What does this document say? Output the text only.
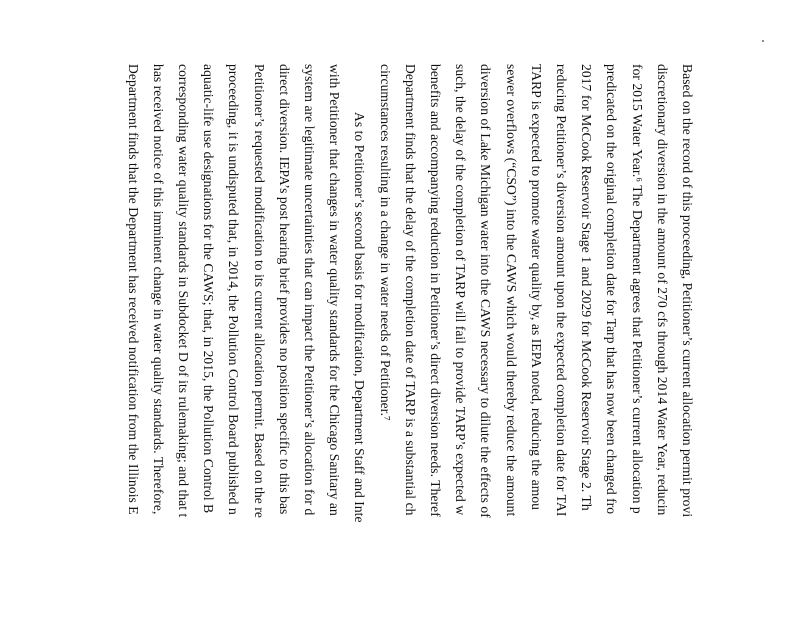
Based on the record of this proceeding, Petitioner’s current allocation permit provi
discretionary diversion in the amount of 270 cfs through 2014 Water Year, reducin
for 2015 Water Year.⁶ The Department agrees that Petitioner’s current allocation p
predicated on the original completion date for Tarp that has now been changed fro
2017 for McCook Reservoir Stage 1 and 2029 for McCook Reservoir Stage 2. Th
reducing Petitioner’s diversion amount upon the expected completion date for TAI
TARP is expected to promote water quality by, as IEPA noted, reducing the amou
sewer overflows (“CSO”) into the CAWS which would thereby reduce the amount
diversion of Lake Michigan water into the CAWS necessary to dilute the effects of
such, the delay of the completion of TARP will fail to provide TARP’s expected w
benefits and accompanying reduction in Petitioner’s direct diversion needs. Theref
Department finds that the delay of the completion date of TARP is a substantial ch
circumstances resulting in a change in water needs of Petitioner.⁷
As to Petitioner’s second basis for modification, Department Staff and Inte
with Petitioner that changes in water quality standards for the Chicago Sanitary an
system are legitimate uncertainties that can impact the Petitioner’s allocation for d
direct diversion. IEPA’s post hearing brief provides no position specific to this bas
Petitioner’s requested modification to its current allocation permit. Based on the re
proceeding, it is undisputed that, in 2014, the Pollution Control Board published n
aquatic-life use designations for the CAWS; that, in 2015, the Pollution Control B
corresponding water quality standards in Subdocket D of its rulemaking; and that t
has received notice of this imminent change in water quality standards. Therefore,
Department finds that the Department has received notification from the Illinois E
